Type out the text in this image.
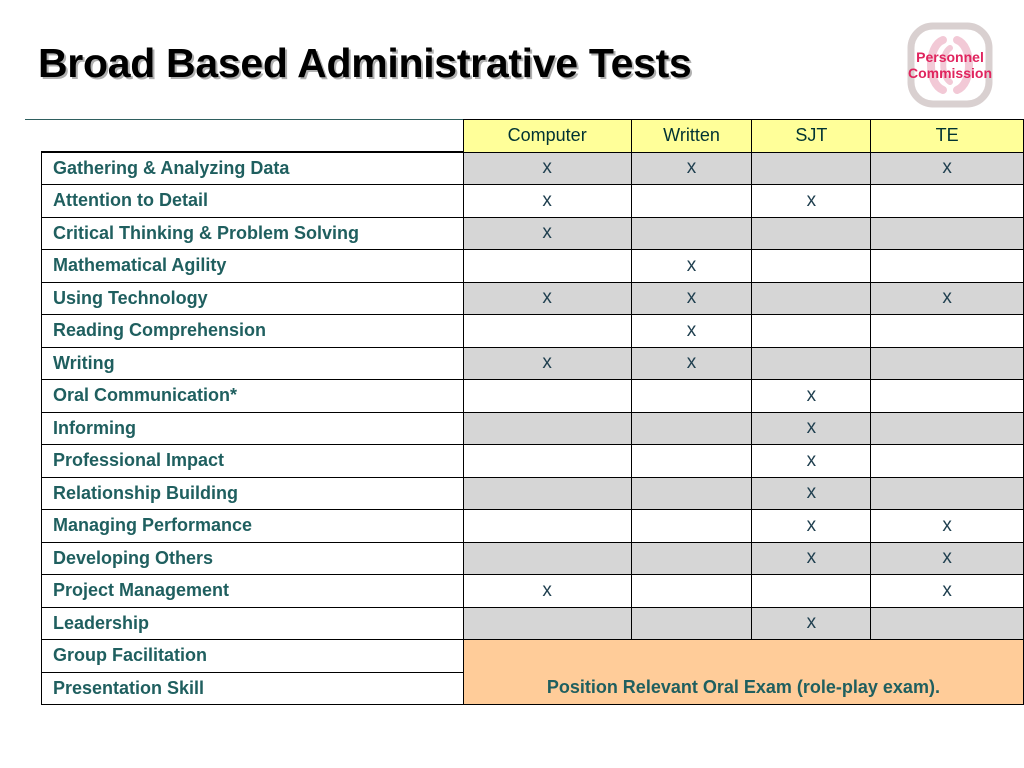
Broad Based Administrative Tests	Personnel
Commission
	Computer	Written	SJT	TE
Gathering & Analyzing Data	x	x		x
Attention to Detail	x		x	
Critical Thinking & Problem Solving	x			
Mathematical Agility		x		
Using Technology	x	x		x
Reading Comprehension		x		
Writing	x	x		
Oral Communication*			x	
Informing			x	
Professional Impact			x	
Relationship Building			x	
Managing Performance			x	x
Developing Others			x	x
Project Management	x			x
Leadership			x	
Group Facilitation	Position Relevant Oral Exam (role-play exam).			
Presentation Skill				
